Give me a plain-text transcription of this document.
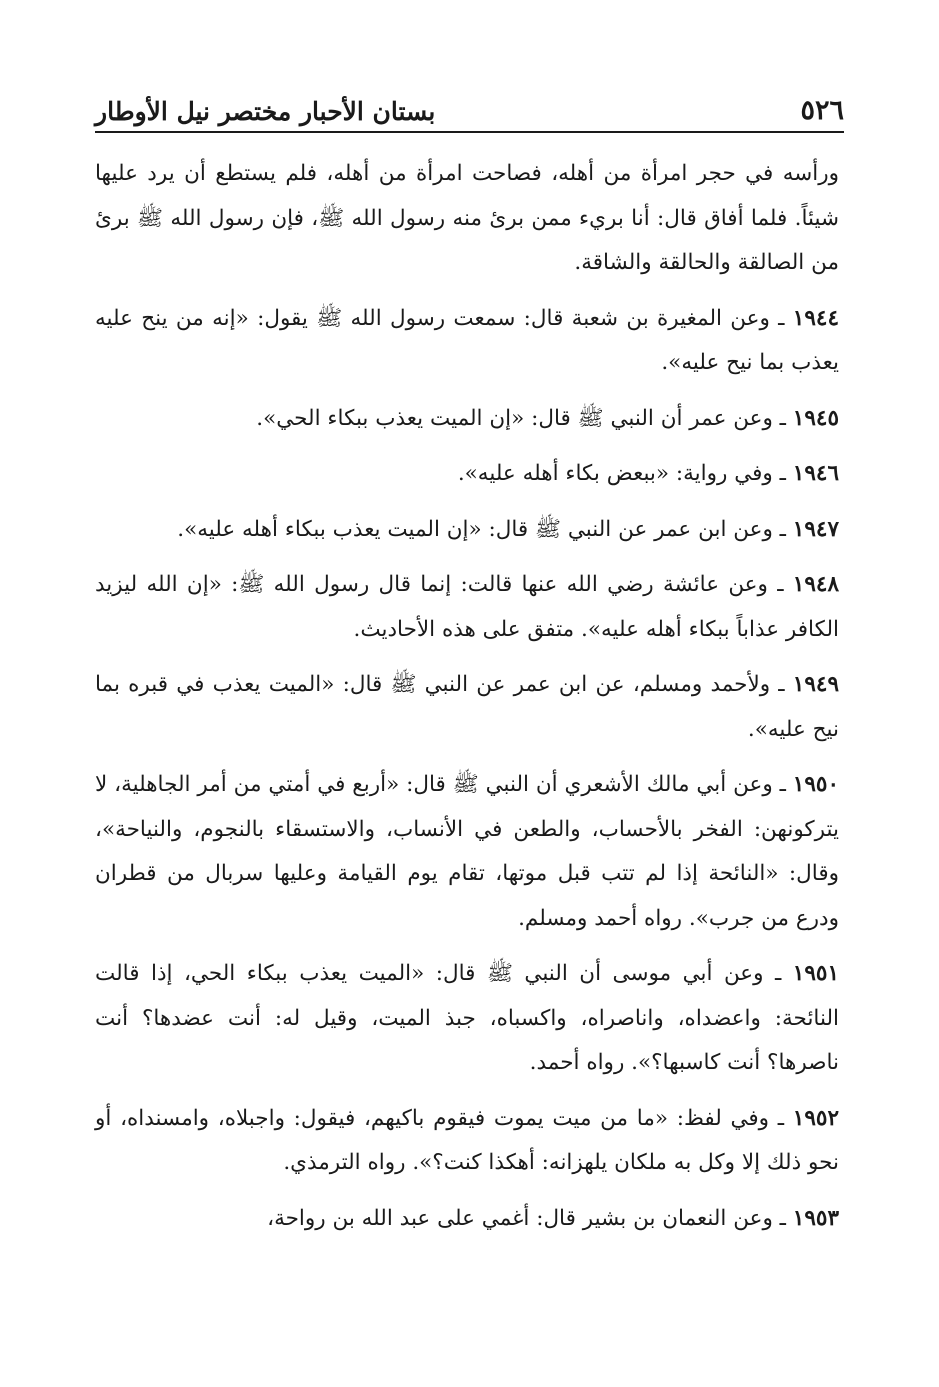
٥٢٦
بستان الأحبار مختصر نيل الأوطار

ورأسه في حجر امرأة من أهله، فصاحت امرأة من أهله، فلم يستطع أن يرد عليها شيئاً. فلما أفاق قال: أنا بريء ممن برئ منه رسول الله ﷺ، فإن رسول الله ﷺ برئ من الصالقة والحالقة والشاقة.

١٩٤٤ ـ وعن المغيرة بن شعبة قال: سمعت رسول الله ﷺ يقول: «إنه من ينح عليه يعذب بما نيح عليه».

١٩٤٥ ـ وعن عمر أن النبي ﷺ قال: «إن الميت يعذب ببكاء الحي».

١٩٤٦ ـ وفي رواية: «ببعض بكاء أهله عليه».

١٩٤٧ ـ وعن ابن عمر عن النبي ﷺ قال: «إن الميت يعذب ببكاء أهله عليه».

١٩٤٨ ـ وعن عائشة رضي الله عنها قالت: إنما قال رسول الله ﷺ: «إن الله ليزيد الكافر عذاباً ببكاء أهله عليه». متفق على هذه الأحاديث.

١٩٤٩ ـ ولأحمد ومسلم، عن ابن عمر عن النبي ﷺ قال: «الميت يعذب في قبره بما نيح عليه».

١٩٥٠ ـ وعن أبي مالك الأشعري أن النبي ﷺ قال: «أربع في أمتي من أمر الجاهلية، لا يتركونهن: الفخر بالأحساب، والطعن في الأنساب، والاستسقاء بالنجوم، والنياحة»، وقال: «النائحة إذا لم تتب قبل موتها، تقام يوم القيامة وعليها سربال من قطران ودرع من جرب». رواه أحمد ومسلم.

١٩٥١ ـ وعن أبي موسى أن النبي ﷺ قال: «الميت يعذب ببكاء الحي، إذا قالت النائحة: واعضداه، واناصراه، واكسباه، جبذ الميت، وقيل له: أنت عضدها؟ أنت ناصرها؟ أنت كاسبها؟». رواه أحمد.

١٩٥٢ ـ وفي لفظ: «ما من ميت يموت فيقوم باكيهم، فيقول: واجبلاه، وامسنداه، أو نحو ذلك إلا وكل به ملكان يلهزانه: أهكذا كنت؟». رواه الترمذي.

١٩٥٣ ـ وعن النعمان بن بشير قال: أغمي على عبد الله بن رواحة،
